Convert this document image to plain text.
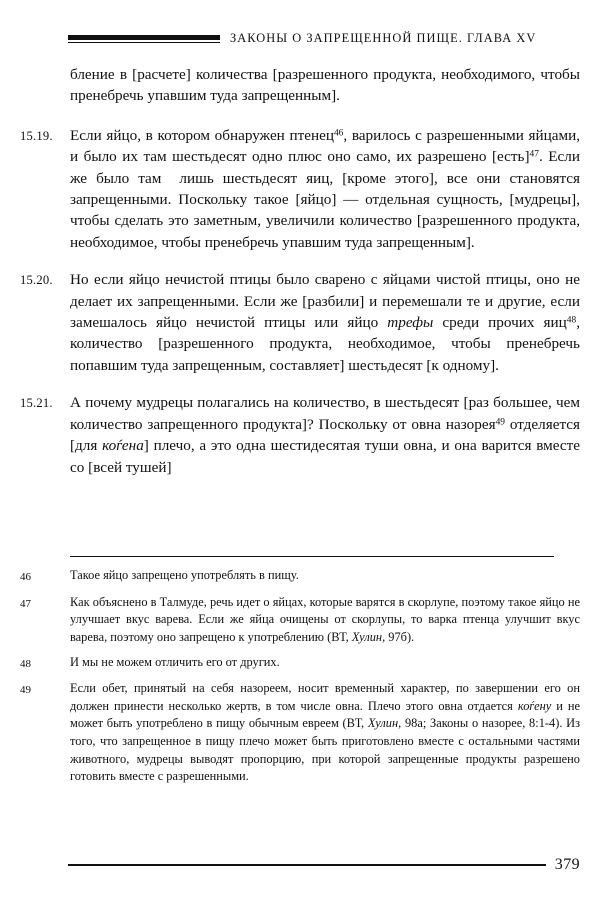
ЗАКОНЫ О ЗАПРЕЩЕННОЙ ПИЩЕ. ГЛАВА XV
бление в [расчете] количества [разрешенного продукта, необходимого, чтобы пренебречь упавшим туда запрещенным].
15.19.	Если яйцо, в котором обнаружен птенец$^{46}$, варилось с разрешенными яйцами, и было их там шестьдесят одно плюс оно само, их разрешено [есть]$^{47}$. Если же было там  лишь шестьдесят яиц, [кроме этого], все они становятся запрещенными. Поскольку такое [яйцо] — отдельная сущность, [мудрецы], чтобы сделать это заметным, увеличили количество [разрешенного продукта, необходимое, чтобы пренебречь упавшим туда запрещенным].
15.20.	Но если яйцо нечистой птицы было сварено с яйцами чистой птицы, оно не делает их запрещенными. Если же [разбили] и перемешали те и другие, если замешалось яйцо нечистой птицы или яйцо трефы среди прочих яиц$^{48}$, количество [разрешенного продукта, необходимое, чтобы пренебречь попавшим туда запрещенным, составляет] шестьдесят [к одному].
15.21.	А почему мудрецы полагались на количество, в шестьдесят [раз большее, чем количество запрещенного продукта]? Поскольку от овна назорея$^{49}$ отделяется [для коѓена] плечо, а это одна шестидесятая туши овна, и она варится вместе со [всей тушей]
46	Такое яйцо запрещено употреблять в пищу.
47	Как объяснено в Талмуде, речь идет о яйцах, которые варятся в скорлупе, поэтому такое яйцо не улучшает вкус варева. Если же яйца очищены от скорлупы, то варка птенца улучшит вкус варева, поэтому оно запрещено к употреблению (ВТ, Хулин, 97б).
48	И мы не можем отличить его от других.
49	Если обет, принятый на себя назореем, носит временный характер, по завершении его он должен принести несколько жертв, в том числе овна. Плечо этого овна отдается коѓену и не может быть употреблено в пищу обычным евреем (ВТ, Хулин, 98а; Законы о назорее, 8:1-4). Из того, что запрещенное в пищу плечо может быть приготовлено вместе с остальными частями животного, мудрецы выводят пропорцию, при которой запрещенные продукты разрешено готовить вместе с разрешенными.
379
